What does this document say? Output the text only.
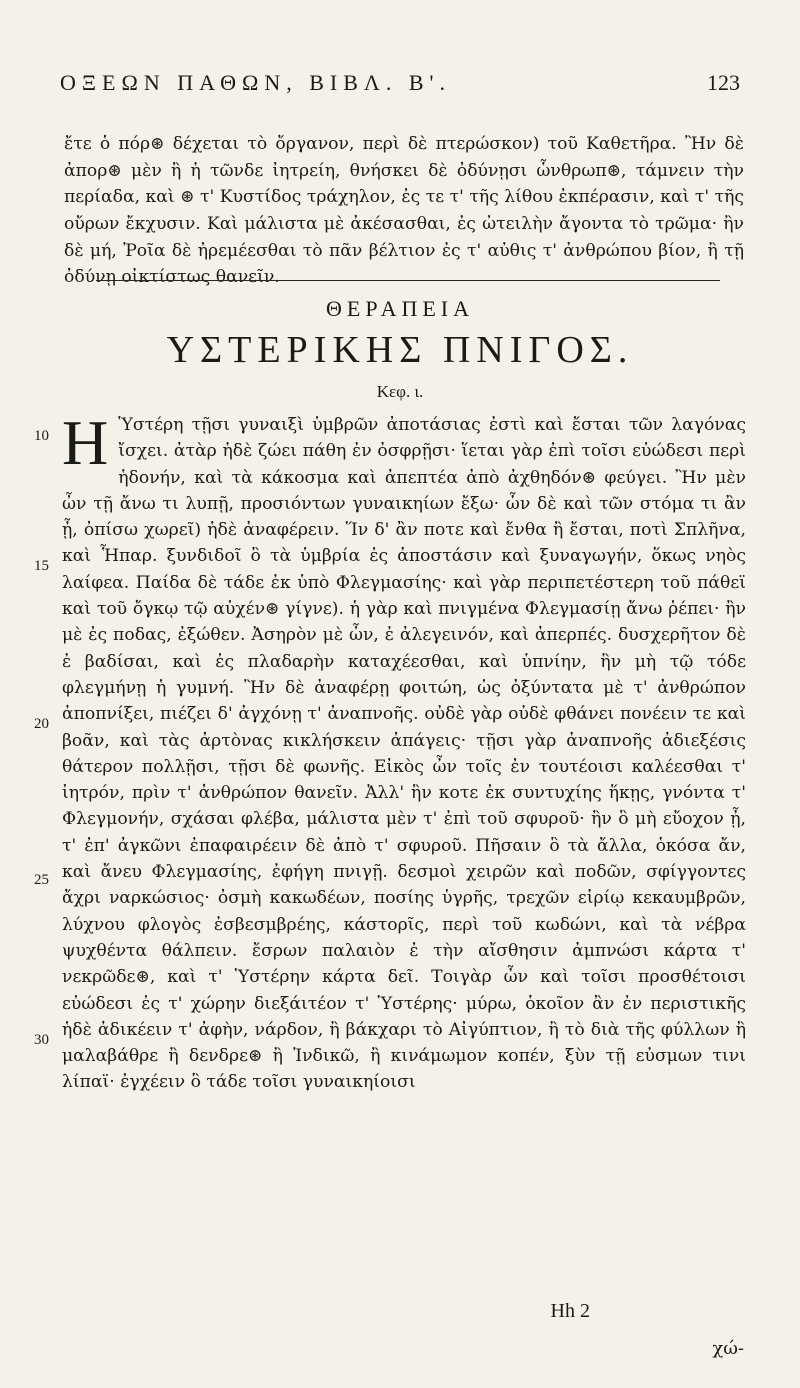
ΟΞΕΩΝ ΠΑΘΩΝ, ΒΙΒΛ. Β'.	123

ἔτε ὁ πόρ⊛ δέχεται τὸ ὄργανον, περὶ δὲ πτερώσκον) τοῦ Καθετῆρα. Ἢν δὲ ἀπορ⊛ μὲν ἢ ἡ τῶνδε ἰητρείη, θνήσκει δὲ ὀδύνῃσι ὧνθρωπ⊛, τάμνειν τὴν περίαδα, καὶ ⊛ τ' Κυστίδος τράχηλον, ἐς τε τ' τῆς λίθου ἐκπέρασιν, καὶ τ' τῆς οὔρων ἔκχυσιν. Καὶ μάλιστα μὲ ἀκέσασθαι, ἐς ὠτειλὴν ἄγοντα τὸ τρῶμα· ἢν δὲ μή, Ῥοῖα δὲ ἠρεμέεσθαι τὸ πᾶν βέλτιον ἐς τ' αὐθις τ' ἀνθρώπου βίον, ἢ τῇ ὀδύνῃ οἰκτίστως θανεῖν.

ΘΕΡΑΠΕΙΑ
ΥΣΤΕΡΙΚΗΣ ΠΝΙΓΟΣ.
Κεφ. ι.
10
15
20
25
30
Η Ὑστέρη τῇσι γυναιξὶ ὑμβρῶν ἀποτάσιας ἐστὶ καὶ ἔσται τῶν λαγόνας ἴσχει. ἀτὰρ ἡδὲ ζώει πάθη ἐν ὀσφρῇσι· ἵεται γὰρ ἐπὶ τοῖσι εὐώδεσι περὶ ἡδονήν, καὶ τὰ κάκοσμα καὶ ἀπεπτέα ἀπὸ ἀχθηδόν⊛ φεύγει. Ἢν μὲν ὦν τῇ ἄνω τι λυπῇ, προσιόντων γυναικηίων ἔξω· ὧν δὲ καὶ τῶν στόμα τι ἂν ᾖ, ὀπίσω χωρεῖ) ἡδὲ ἀναφέρειν. Ἵν δ' ἂν ποτε καὶ ἔνθα ἢ ἔσται, ποτὶ Σπλῆνα, καὶ Ἧπαρ. ξυνδιδοῖ ὃ τὰ ὑμβρία ἐς ἀποστάσιν καὶ ξυναγωγήν, ὅκως νηὸς λαίφεα. Παίδα δὲ τάδε ἐκ ὑπὸ Φλεγμασίης· καὶ γὰρ περιπετέστερη τοῦ πάθεϊ καὶ τοῦ ὄγκῳ τῷ αὐχέν⊛ γίγνε). ἡ γὰρ καὶ πνιγμένα Φλεγμασίῃ ἄνω ῥέπει· ἢν μὲ ἐς ποδας, ἐξώθεν. Ἀσηρὸν μὲ ὦν, ἐ ἀλεγεινόν, καὶ ἀπερπές. δυσχερῆτον δὲ ἐ βαδίσαι, καὶ ἐς πλαδαρὴν καταχέεσθαι, καὶ ὑπνίην, ἣν μὴ τῷ τόδε φλεγμήνῃ ἡ γυμνή. Ἢν δὲ ἀναφέρῃ φοιτώη, ὡς ὀξύντατα μὲ τ' ἀνθρώπον ἀποπνίξει, πιέζει δ' ἀγχόνῃ τ' ἀναπνοῆς. οὐδὲ γὰρ οὐδὲ φθάνει πονέειν τε καὶ βοᾶν, καὶ τὰς ἀρτὸνας κικλήσκειν ἀπάγεις· τῇσι γὰρ ἀναπνοῆς ἀδιεξέσις θάτερον πολλῇσι, τῇσι δὲ φωνῆς. Εἰκὸς ὦν τοῖς ἐν τουτέοισι καλέεσθαι τ' ἰητρόν, πρὶν τ' ἀνθρώπον θανεῖν. Ἀλλ' ἢν κοτε ἐκ συντυχίης ἥκῃς, γνόντα τ' Φλεγμονήν, σχάσαι φλέβα, μάλιστα μὲν τ' ἐπὶ τοῦ σφυροῦ· ἢν ὃ μὴ εὔοχον ᾖ, τ' ἐπ' ἀγκῶνι ἐπαφαιρέειν δὲ ἀπὸ τ' σφυροῦ. Πῆσαιν ὃ τὰ ἄλλα, ὁκόσα ἄν, καὶ ἄνευ Φλεγμασίης, ἐφήγη πνιγῇ. δεσμοὶ χειρῶν καὶ ποδῶν, σφίγγοντες ἄχρι ναρκώσιος· ὀσμὴ κακωδέων, ποσίης ὑγρῆς, τρεχῶν εἰρίῳ κεκαυμβρῶν, λύχνου φλογὸς ἐσβεσμβρέης, κάστορῖς, περὶ τοῦ κωδώνι, καὶ τὰ νέβρα ψυχθέντα θάλπειν. ἔσρων παλαιὸν ἐ τὴν αἴσθησιν ἀμπνώσι κάρτα τ' νεκρῶδε⊛, καὶ τ' Ὑστέρην κάρτα δεῖ. Τοιγὰρ ὦν καὶ τοῖσι προσθέτοισι εὐώδεσι ἐς τ' χώρην διεξάιτέον τ' Ὑστέρης· μύρω, ὁκοῖον ἂν ἐν περιστικῆς ἡδὲ ἀδικέειν τ' ἀφὴν, νάρδον, ἢ βάκχαρι τὸ Αἰγύπτιον, ἢ τὸ διὰ τῆς φύλλων ἢ μαλαβάθρε ἢ δενδρε⊛ ἢ Ἰνδικῶ, ἢ κινάμωμον κοπέν, ξὺν τῇ εὐσμων τινι λίπαϊ· ἐγχέειν ὃ τάδε τοῖσι γυναικηίοισι

Hh 2
χώ-
